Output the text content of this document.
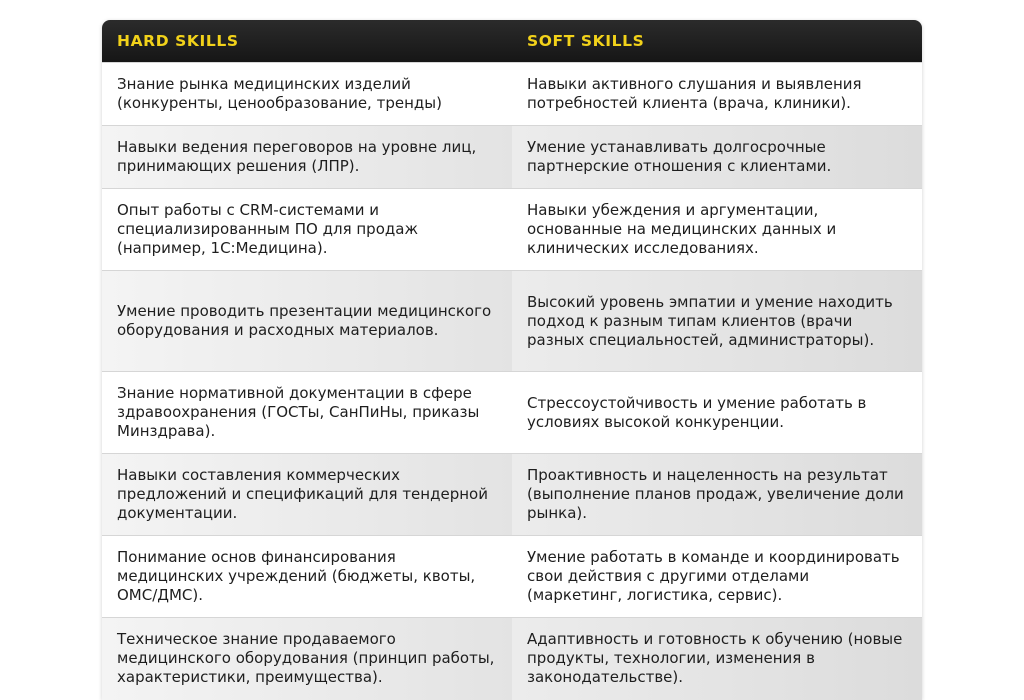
HARD SKILLS	SOFT SKILLS
Знание рынка медицинских изделий (конкуренты, ценообразование, тренды)	Навыки активного слушания и выявления потребностей клиента (врача, клиники).
Навыки ведения переговоров на уровне лиц, принимающих решения (ЛПР).	Умение устанавливать долгосрочные партнерские отношения с клиентами.
Опыт работы с CRM-системами и специализированным ПО для продаж (например, 1С:Медицина).	Навыки убеждения и аргументации, основанные на медицинских данных и клинических исследованиях.
Умение проводить презентации медицинского оборудования и расходных материалов.	Высокий уровень эмпатии и умение находить подход к разным типам клиентов (врачи разных специальностей, администраторы).
Знание нормативной документации в сфере здравоохранения (ГОСТы, СанПиНы, приказы Минздрава).	Стрессоустойчивость и умение работать в условиях высокой конкуренции.
Навыки составления коммерческих предложений и спецификаций для тендерной документации.	Проактивность и нацеленность на результат (выполнение планов продаж, увеличение доли рынка).
Понимание основ финансирования медицинских учреждений (бюджеты, квоты, ОМС/ДМС).	Умение работать в команде и координировать свои действия с другими отделами (маркетинг, логистика, сервис).
Техническое знание продаваемого медицинского оборудования (принцип работы, характеристики, преимущества).	Адаптивность и готовность к обучению (новые продукты, технологии, изменения в законодательстве).
